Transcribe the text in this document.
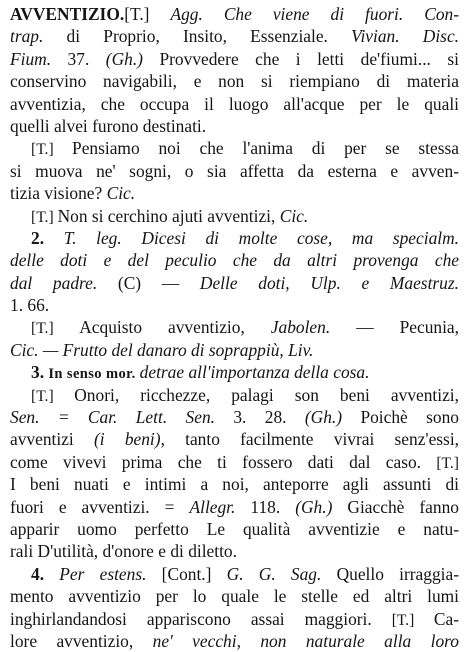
AVVENTIZIO.[T.] Agg. Che viene di fuori. Con-
trap. di Proprio, Insito, Essenziale. Vivian. Disc.
Fium. 37. (Gh.) Provvedere che i letti de'fiumi... si
conservino navigabili, e non si riempiano di materia
avventizia, che occupa il luogo all'acque per le quali
quelli alvei furono destinati.
[T.] Pensiamo noi che l'anima di per se stessa
si muova ne' sogni, o sia affetta da esterna e avven-
tizia visione? Cic.
[T.] Non si cerchino ajuti avventizi, Cic.
2. T. leg. Dicesi di molte cose, ma specialm.
delle doti e del peculio che da altri provenga che
dal padre. (C) — Delle doti, Ulp. e Maestruz.
1. 66.
[T.] Acquisto avventizio, Jabolen. — Pecunia,
Cic. — Frutto del danaro di soprappiù, Liv.
3. In senso mor. detrae all'importanza della cosa.
[T.] Onori, ricchezze, palagi son beni avventizi,
Sen. = Car. Lett. Sen. 3. 28. (Gh.) Poichè sono
avventizi (i beni), tanto facilmente vivrai senz'essi,
come vivevi prima che ti fossero dati dal caso. [T.]
I beni nuati e intimi a noi, anteporre agli assunti di
fuori e avventizi. = Allegr. 118. (Gh.) Giacchè fanno
apparir uomo perfetto Le qualità avventizie e natu-
rali D'utilità, d'onore e di diletto.
4. Per estens. [Cont.] G. G. Sag. Quello irraggia-
mento avventizio per lo quale le stelle ed altri lumi
inghirlandandosi appariscono assai maggiori. [T.] Ca-
lore avventizio, ne' vecchi, non naturale alla loro
